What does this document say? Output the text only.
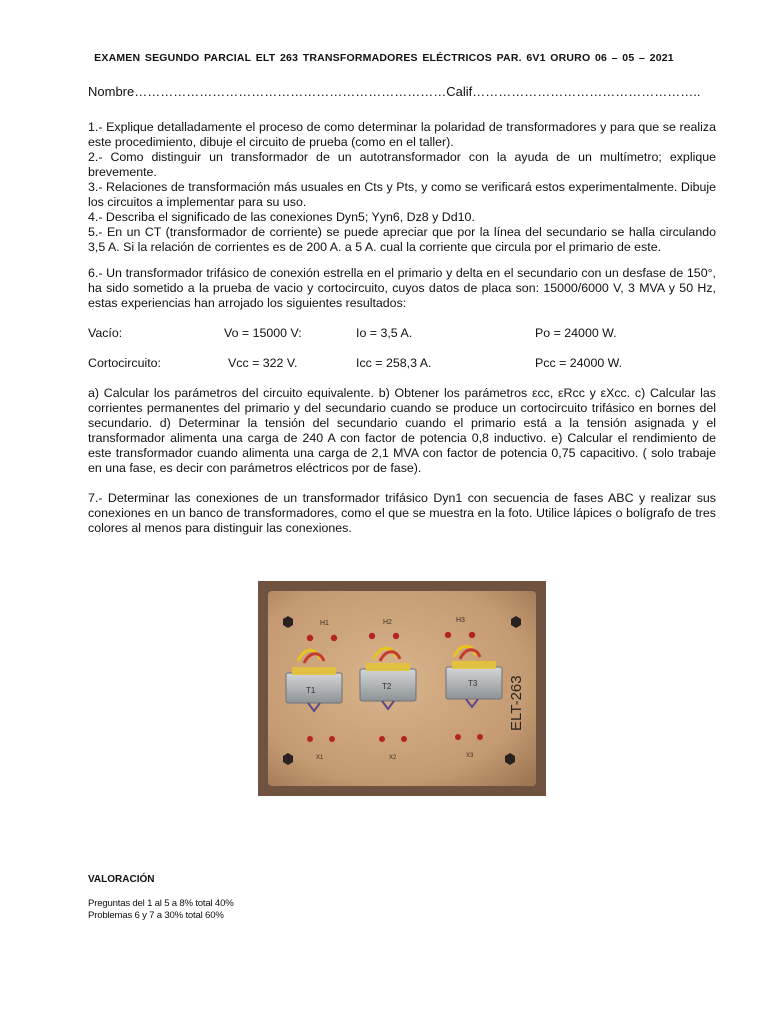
EXAMEN SEGUNDO PARCIAL ELT 263 TRANSFORMADORES ELÉCTRICOS PAR. 6V1 ORURO 06 – 05 – 2021
Nombre………………………………………………………………Calif……………………………………………..

1.- Explique detalladamente el proceso de como determinar la polaridad de transformadores y para que se realiza este procedimiento, dibuje el circuito de prueba (como en el taller).

2.- Como distinguir un transformador de un autotransformador con la ayuda de un multímetro; explique brevemente.

3.- Relaciones de transformación más usuales en Cts y Pts, y como se verificará estos experimentalmente. Dibuje los circuitos a implementar para su uso.

4.- Describa el significado de las conexiones Dyn5; Yyn6, Dz8 y Dd10.

5.- En un CT (transformador de corriente) se puede apreciar que por la línea del secundario se halla circulando 3,5 A. Si la relación de corrientes es de 200 A. a 5 A. cual la corriente que circula por el primario de este.

6.- Un transformador trifásico de conexión estrella en el primario y delta en el secundario con un desfase de 150°, ha sido sometido a la prueba de vacio y cortocircuito, cuyos datos de placa son: 15000/6000 V, 3 MVA y 50 Hz, estas experiencias han arrojado los siguientes resultados:
Vacío:	Vo = 15000 V:	Io = 3,5 A.	Po = 24000 W.
Cortocircuito:	Vcc = 322 V.	Icc = 258,3 A.	Pcc = 24000 W.
a) Calcular los parámetros del circuito equivalente. b) Obtener los parámetros εcc, εRcc y εXcc. c) Calcular las corrientes permanentes del primario y del secundario cuando se produce un cortocircuito trifásico en bornes del secundario. d) Determinar la tensión del secundario cuando el primario está a la tensión asignada y el transformador alimenta una carga de 240 A con factor de potencia 0,8 inductivo. e) Calcular el rendimiento de este transformador cuando alimenta una carga de 2,1 MVA con factor de potencia 0,75 capacitivo. ( solo trabaje en una fase, es decir con parámetros eléctricos por de fase).
7.- Determinar las conexiones de un transformador trifásico Dyn1 con secuencia de fases ABC y realizar sus conexiones en un banco de transformadores, como el que se muestra en la foto. Utilice lápices o bolígrafo de tres colores al menos para distinguir las conexiones.
H1	H2	H3
T1	T2	T3 ELT-263
X1	X2	X3
VALORACIÓN
Preguntas del 1 al 5 a 8% total 40%
Problemas 6 y 7 a 30% total 60%
